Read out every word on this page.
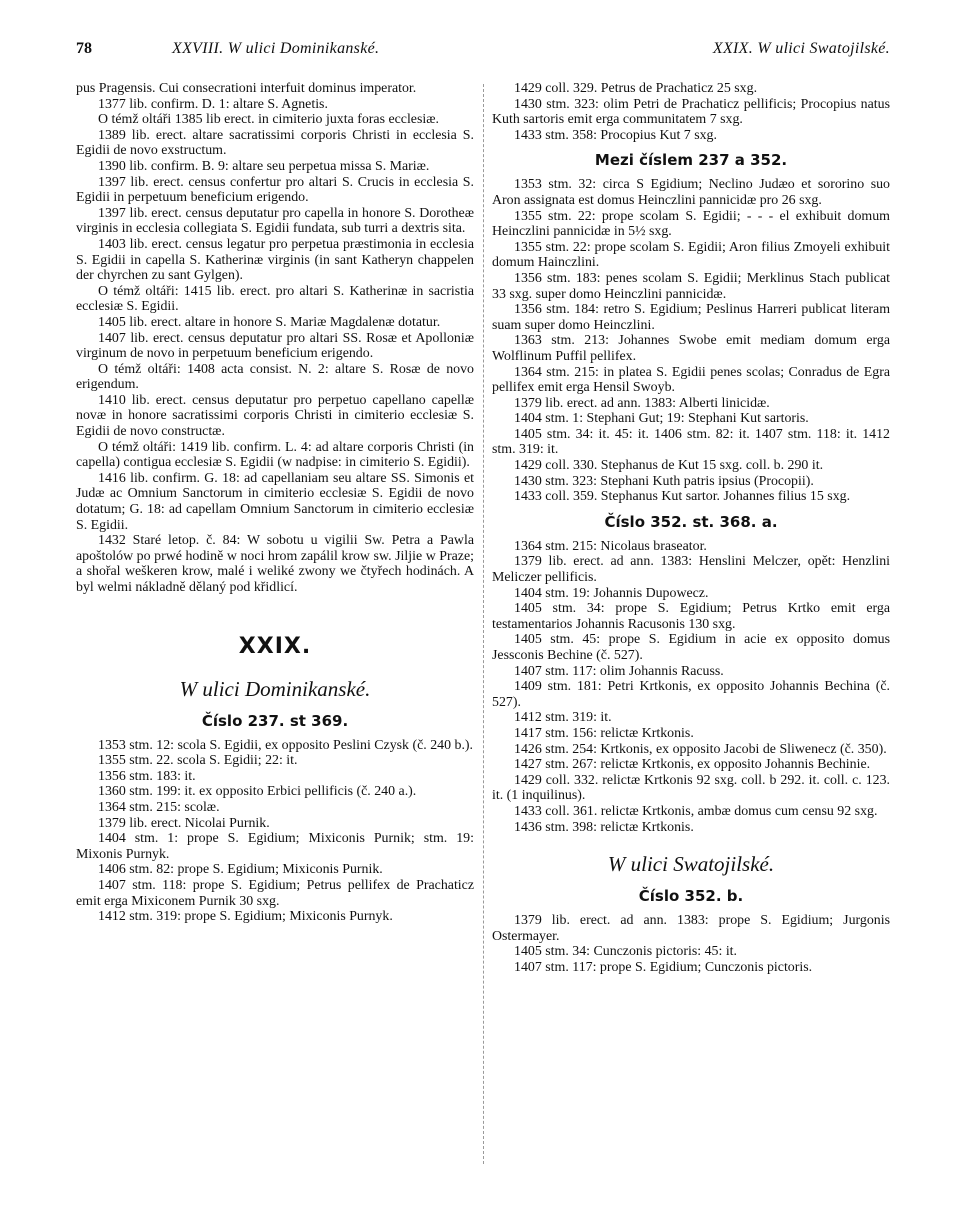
78	XXVIII. W ulici Dominikanské.	XXIX. W ulici Swatojilské.

pus Pragensis. Cui consecrationi interfuit dominus imperator.

1377 lib. confirm. D. 1: altare S. Agnetis.

O témž oltáři 1385 lib erect. in cimiterio juxta foras ecclesiæ.

1389 lib. erect. altare sacratissimi corporis Christi in ecclesia S. Egidii de novo exstructum.

1390 lib. confirm. B. 9: altare seu perpetua missa S. Mariæ.

1397 lib. erect. census confertur pro altari S. Crucis in ecclesia S. Egidii in perpetuum beneficium erigendo.

1397 lib. erect. census deputatur pro capella in honore S. Dorotheæ virginis in ecclesia collegiata S. Egidii fundata, sub turri a dextris sita.

1403 lib. erect. census legatur pro perpetua præstimonia in ecclesia S. Egidii in capella S. Katherinæ virginis (in sant Katheryn chappelen der chyrchen zu sant Gylgen).

O témž oltáři: 1415 lib. erect. pro altari S. Katherinæ in sacristia ecclesiæ S. Egidii.

1405 lib. erect. altare in honore S. Mariæ Magdalenæ dotatur.

1407 lib. erect. census deputatur pro altari SS. Rosæ et Apolloniæ virginum de novo in perpetuum beneficium erigendo.

O témž oltáři: 1408 acta consist. N. 2: altare S. Rosæ de novo erigendum.

1410 lib. erect. census deputatur pro perpetuo capellano capellæ novæ in honore sacratissimi corporis Christi in cimiterio ecclesiæ S. Egidii de novo constructæ.

O témž oltáři: 1419 lib. confirm. L. 4: ad altare corporis Christi (in capella) contigua ecclesiæ S. Egidii (w nadpise: in cimiterio S. Egidii).

1416 lib. confirm. G. 18: ad capellaniam seu altare SS. Simonis et Judæ ac Omnium Sanctorum in cimiterio ecclesiæ S. Egidii de novo dotatum; G. 18: ad capellam Omnium Sanctorum in cimiterio ecclesiæ S. Egidii.

1432 Staré letop. č. 84: W sobotu u vigilii Sw. Petra a Pawla apoštolów po prwé hodině w noci hrom zapálil krow sw. Jiljie w Praze; a shořal weškeren krow, malé i weliké zwony we čtyřech hodinách. A byl welmi nákladně dělaný pod křidlicí.

XXIX.
W ulici Dominikanské.
Číslo 237. st 369.

1353 stm. 12: scola S. Egidii, ex opposito Peslini Czysk (č. 240 b.).

1355 stm. 22. scola S. Egidii; 22: it.

1356 stm. 183: it.

1360 stm. 199: it. ex opposito Erbici pellificis (č. 240 a.).

1364 stm. 215: scolæ.

1379 lib. erect. Nicolai Purnik.

1404 stm. 1: prope S. Egidium; Mixiconis Purnik; stm. 19: Mixonis Purnyk.

1406 stm. 82: prope S. Egidium; Mixiconis Purnik.

1407 stm. 118: prope S. Egidium; Petrus pellifex de Prachaticz emit erga Mixiconem Purnik 30 sxg.

1412 stm. 319: prope S. Egidium; Mixiconis Purnyk.

1429 coll. 329. Petrus de Prachaticz 25 sxg.

1430 stm. 323: olim Petri de Prachaticz pellificis; Procopius natus Kuth sartoris emit erga communitatem 7 sxg.

1433 stm. 358: Procopius Kut 7 sxg.

Mezi číslem 237 a 352.

1353 stm. 32: circa S Egidium; Neclino Judæo et sororino suo Aron assignata est domus Heinczlini pannicidæ pro 26 sxg.

1355 stm. 22: prope scolam S. Egidii; - - - el exhibuit domum Heinczlini pannicidæ in 5½ sxg.

1355 stm. 22: prope scolam S. Egidii; Aron filius Zmoyeli exhibuit domum Hainczlini.

1356 stm. 183: penes scolam S. Egidii; Merklinus Stach publicat 33 sxg. super domo Heinczlini pannicidæ.

1356 stm. 184: retro S. Egidium; Peslinus Harreri publicat literam suam super domo Heinczlini.

1363 stm. 213: Johannes Swobe emit mediam domum erga Wolflinum Puffil pellifex.

1364 stm. 215: in platea S. Egidii penes scolas; Conradus de Egra pellifex emit erga Hensil Swoyb.

1379 lib. erect. ad ann. 1383: Alberti linicidæ.

1404 stm. 1: Stephani Gut; 19: Stephani Kut sartoris.

1405 stm. 34: it. 45: it. 1406 stm. 82: it. 1407 stm. 118: it. 1412 stm. 319: it.

1429 coll. 330. Stephanus de Kut 15 sxg. coll. b. 290 it.

1430 stm. 323: Stephani Kuth patris ipsius (Procopii).

1433 coll. 359. Stephanus Kut sartor. Johannes filius 15 sxg.

Číslo 352. st. 368. a.

1364 stm. 215: Nicolaus braseator.

1379 lib. erect. ad ann. 1383: Henslini Melczer, opět: Henzlini Meliczer pellificis.

1404 stm. 19: Johannis Dupowecz.

1405 stm. 34: prope S. Egidium; Petrus Krtko emit erga testamentarios Johannis Racusonis 130 sxg.

1405 stm. 45: prope S. Egidium in acie ex opposito domus Jessconis Bechine (č. 527).

1407 stm. 117: olim Johannis Racuss.

1409 stm. 181: Petri Krtkonis, ex opposito Johannis Bechina (č. 527).

1412 stm. 319: it.

1417 stm. 156: relictæ Krtkonis.

1426 stm. 254: Krtkonis, ex opposito Jacobi de Sliwenecz (č. 350).

1427 stm. 267: relictæ Krtkonis, ex opposito Johannis Bechinie.

1429 coll. 332. relictæ Krtkonis 92 sxg. coll. b 292. it. coll. c. 123. it. (1 inquilinus).

1433 coll. 361. relictæ Krtkonis, ambæ domus cum censu 92 sxg.

1436 stm. 398: relictæ Krtkonis.

W ulici Swatojilské.
Číslo 352. b.

1379 lib. erect. ad ann. 1383: prope S. Egidium; Jurgonis Ostermayer.

1405 stm. 34: Cunczonis pictoris: 45: it.

1407 stm. 117: prope S. Egidium; Cunczonis pictoris.
